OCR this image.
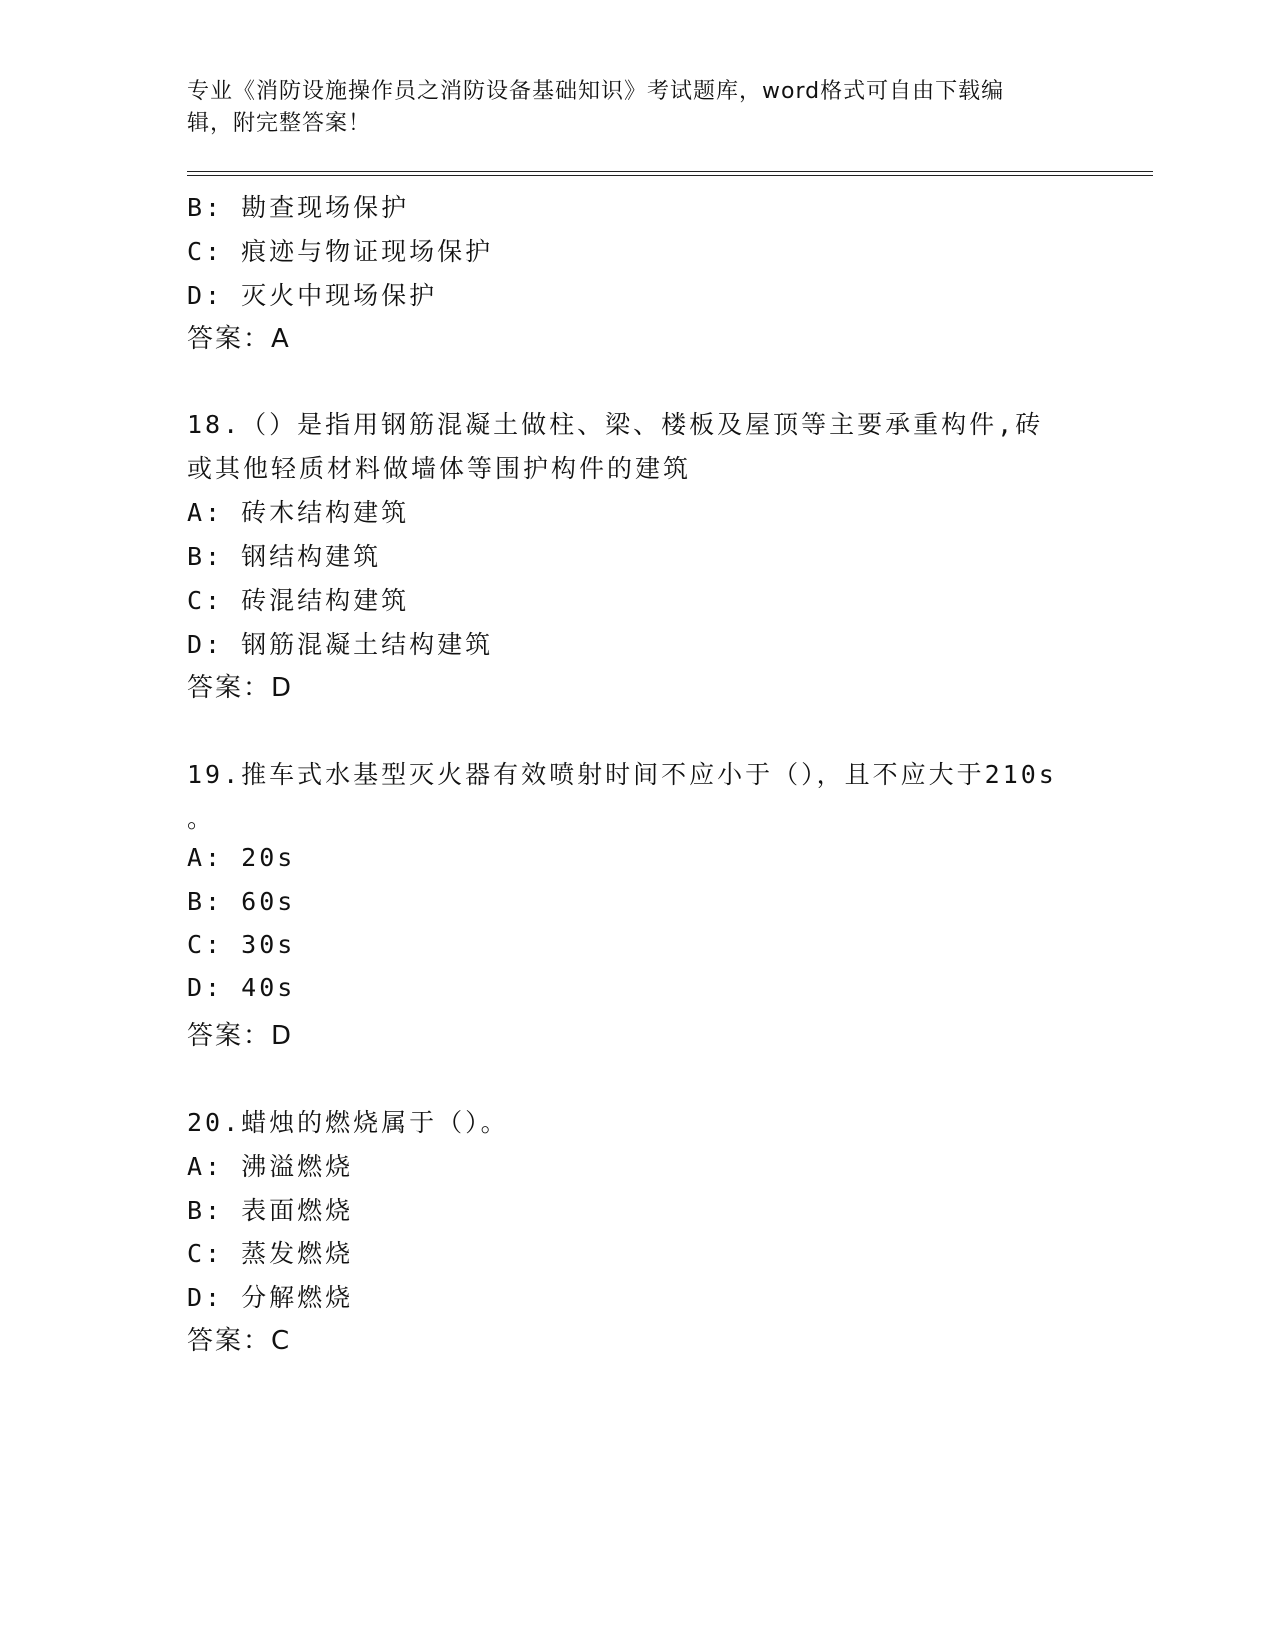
专业《消防设施操作员之消防设备基础知识》考试题库，word格式可自由下载编
辑，附完整答案！
B: 勘查现场保护
C: 痕迹与物证现场保护
D: 灭火中现场保护
答案：A
18.（）是指用钢筋混凝土做柱、梁、楼板及屋顶等主要承重构件,砖
或其他轻质材料做墙体等围护构件的建筑
A: 砖木结构建筑
B: 钢结构建筑
C: 砖混结构建筑
D: 钢筋混凝土结构建筑
答案：D
19.推车式水基型灭火器有效喷射时间不应小于（），且不应大于210s
。
A: 20s
B: 60s
C: 30s
D: 40s
答案：D
20.蜡烛的燃烧属于（）。
A: 沸溢燃烧
B: 表面燃烧
C: 蒸发燃烧
D: 分解燃烧
答案：C
